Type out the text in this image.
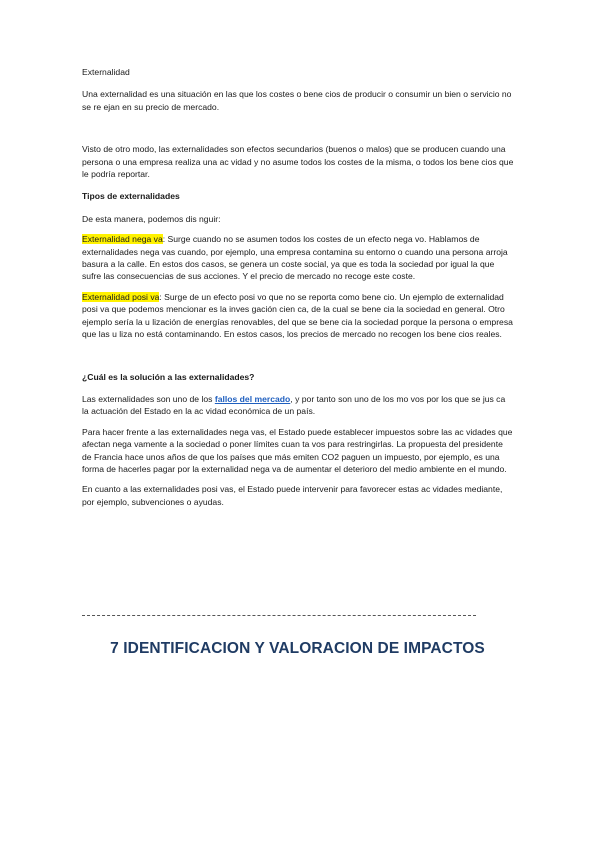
Externalidad

Una externalidad es una situación en las que los costes o bene cios de producir o consumir un bien o servicio no se re ejan en su precio de mercado.

Visto de otro modo, las externalidades son efectos secundarios (buenos o malos) que se producen cuando una persona o una empresa realiza una ac vidad y no asume todos los costes de la misma, o todos los bene cios que le podría reportar.

Tipos de externalidades

De esta manera, podemos dis nguir:

Externalidad nega va: Surge cuando no se asumen todos los costes de un efecto nega vo. Hablamos de externalidades nega vas cuando, por ejemplo, una empresa contamina su entorno o cuando una persona arroja basura a la calle. En estos dos casos, se genera un coste social, ya que es toda la sociedad por igual la que sufre las consecuencias de sus acciones. Y el precio de mercado no recoge este coste.

Externalidad posi va: Surge de un efecto posi vo que no se reporta como bene cio. Un ejemplo de externalidad posi va que podemos mencionar es la inves gación cien ca, de la cual se bene cia la sociedad en general. Otro ejemplo sería la u lización de energías renovables, del que se bene cia la sociedad porque la persona o empresa que las u liza no está contaminando. En estos casos, los precios de mercado no recogen los bene cios reales.

¿Cuál es la solución a las externalidades?

Las externalidades son uno de los fallos del mercado, y por tanto son uno de los mo vos por los que se jus ca la actuación del Estado en la ac vidad económica de un país.

Para hacer frente a las externalidades nega vas, el Estado puede establecer impuestos sobre las ac vidades que afectan nega vamente a la sociedad o poner límites cuan ta vos para restringirlas. La propuesta del presidente de Francia hace unos años de que los países que más emiten CO2 paguen un impuesto, por ejemplo, es una forma de hacerles pagar por la externalidad nega va de aumentar el deterioro del medio ambiente en el mundo.

En cuanto a las externalidades posi vas, el Estado puede intervenir para favorecer estas ac vidades mediante, por ejemplo, subvenciones o ayudas.

7 IDENTIFICACION Y VALORACION DE IMPACTOS
